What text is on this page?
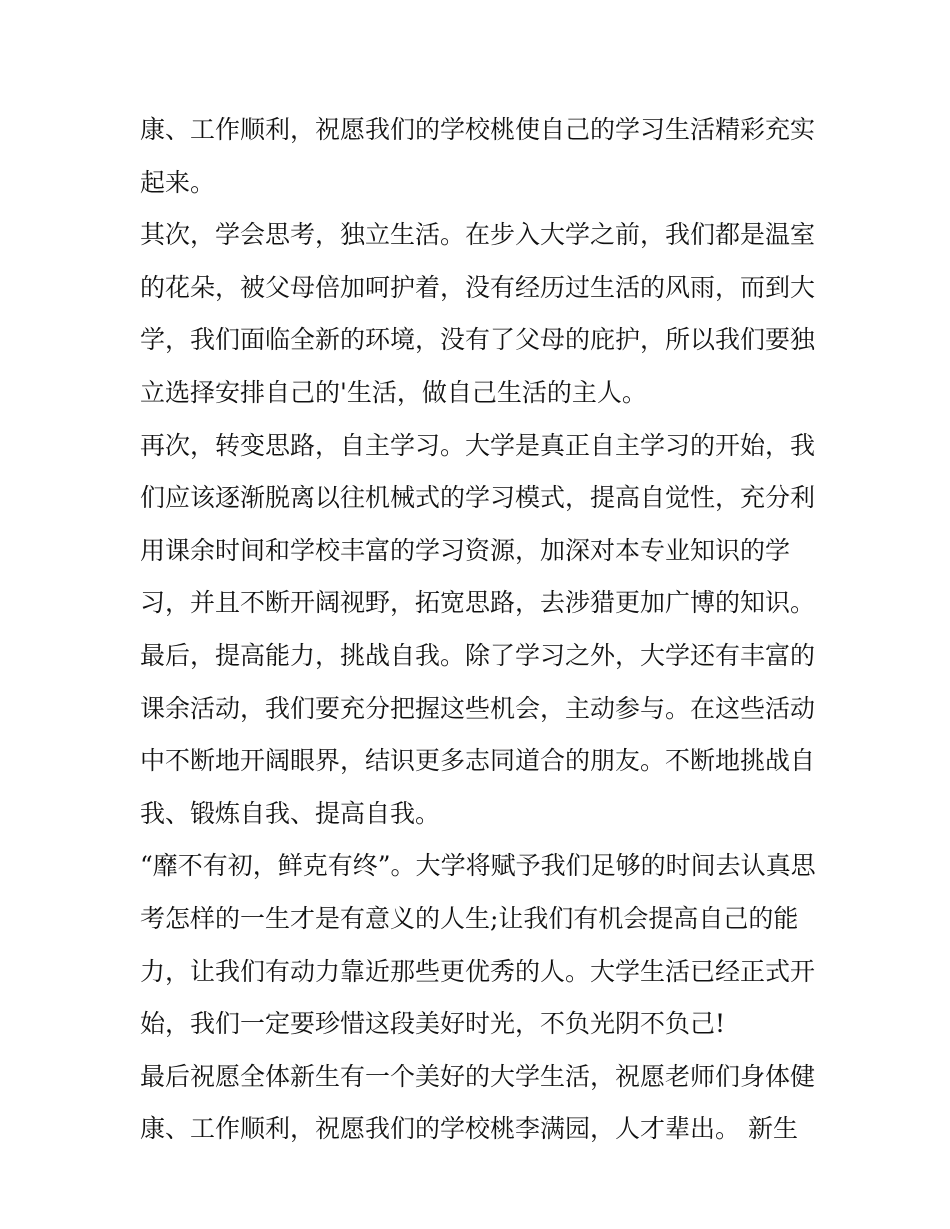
康、工作顺利，祝愿我们的学校桃使自己的学习生活精彩充实
起来。
其次，学会思考，独立生活。在步入大学之前，我们都是温室
的花朵，被父母倍加呵护着，没有经历过生活的风雨，而到大
学，我们面临全新的环境，没有了父母的庇护，所以我们要独
立选择安排自己的'生活，做自己生活的主人。
再次，转变思路，自主学习。大学是真正自主学习的开始，我
们应该逐渐脱离以往机械式的学习模式，提高自觉性，充分利
用课余时间和学校丰富的学习资源，加深对本专业知识的学
习，并且不断开阔视野，拓宽思路，去涉猎更加广博的知识。
最后，提高能力，挑战自我。除了学习之外，大学还有丰富的
课余活动，我们要充分把握这些机会，主动参与。在这些活动
中不断地开阔眼界，结识更多志同道合的朋友。不断地挑战自
我、锻炼自我、提高自我。
“靡不有初，鲜克有终”。大学将赋予我们足够的时间去认真思
考怎样的一生才是有意义的人生;让我们有机会提高自己的能
力，让我们有动力靠近那些更优秀的人。大学生活已经正式开
始，我们一定要珍惜这段美好时光，不负光阴不负己!
最后祝愿全体新生有一个美好的大学生活，祝愿老师们身体健
康、工作顺利，祝愿我们的学校桃李满园，人才辈出。 新生
